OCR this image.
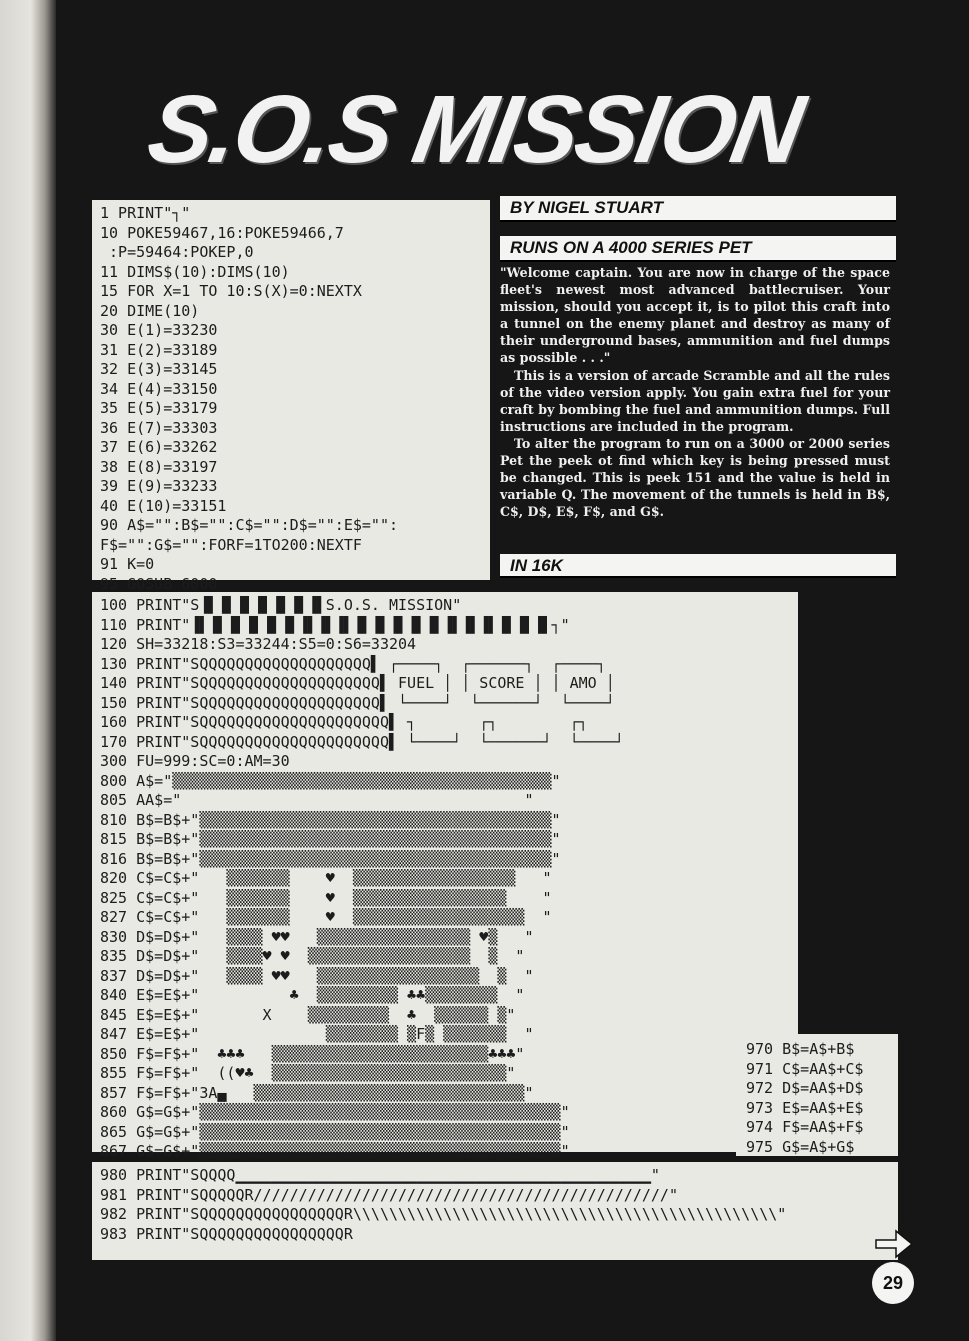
S.O.S MISSION
1 PRINT"┐"
10 POKE59467,16:POKE59466,7
:P=59464:POKEP,0
11 DIMS$(10):DIMS(10)
15 FOR X=1 TO 10:S(X)=0:NEXTX
20 DIME(10)
30 E(1)=33230
31 E(2)=33189
32 E(3)=33145
34 E(4)=33150
35 E(5)=33179
36 E(7)=33303
37 E(6)=33262
38 E(8)=33197
39 E(9)=33233
40 E(10)=33151
90 A$="":B$="":C$="":D$="":E$="":
F$="":G$="":FORF=1TO200:NEXTF
91 K=0
95 GOSUB 6000
BY NIGEL STUART
RUNS ON A 4000 SERIES PET

"Welcome captain. You are now in charge of the space fleet's newest most advanced battlecruiser. Your mission, should you accept it, is to pilot this craft into a tunnel on the enemy planet and destroy as many of their underground bases, ammunition and fuel dumps as possible . . ."

This is a version of arcade Scramble and all the rules of the video version apply. You gain extra fuel for your craft by bombing the fuel and ammunition dumps. Full instructions are included in the program.

To alter the program to run on a 3000 or 2000 series Pet the peek ot find which key is being pressed must be changed. This is peek 151 and the value is held in variable Q. The movement of the tunnels is held in B$, C$, D$, E$, F$, and G$.

IN 16K
100 PRINT"S▐▌▐▌▐▌▐▌▐▌▐▌▐▌S.O.S. MISSION"
110 PRINT"▐▌▐▌▐▌▐▌▐▌▐▌▐▌▐▌▐▌▐▌▐▌▐▌▐▌▐▌▐▌▐▌▐▌▐▌▐▌▐▌┐"
120 SH=33218:S3=33244:S5=0:S6=33204
130 PRINT"SQQQQQQQQQQQQQQQQQQQ▌ ┌────┐  ┌──────┐  ┌────┐
140 PRINT"SQQQQQQQQQQQQQQQQQQQQ▌ FUEL │ │ SCORE │ │ AMO │
150 PRINT"SQQQQQQQQQQQQQQQQQQQQ▌ └────┘  └──────┘  └────┘
160 PRINT"SQQQQQQQQQQQQQQQQQQQQQ▌ ┐       ┌┐        ┌┐
170 PRINT"SQQQQQQQQQQQQQQQQQQQQQ▌ └────┘  └──────┘  └────┘
300 FU=999:SC=0:AM=30
800 A$="▒▒▒▒▒▒▒▒▒▒▒▒▒▒▒▒▒▒▒▒▒▒▒▒▒▒▒▒▒▒▒▒▒▒▒▒▒▒▒▒▒▒"
805 AA$="                                      "
810 B$=B$+"▒▒▒▒▒▒▒▒▒▒▒▒▒▒▒▒▒▒▒▒▒▒▒▒▒▒▒▒▒▒▒▒▒▒▒▒▒▒▒"
815 B$=B$+"▒▒▒▒▒▒▒▒▒▒▒▒▒▒▒▒▒▒▒▒▒▒▒▒▒▒▒▒▒▒▒▒▒▒▒▒▒▒▒"
816 B$=B$+"▒▒▒▒▒▒▒▒▒▒▒▒▒▒▒▒▒▒▒▒▒▒▒▒▒▒▒▒▒▒▒▒▒▒▒▒▒▒▒"
820 C$=C$+"   ▒▒▒▒▒▒▒    ♥  ▒▒▒▒▒▒▒▒▒▒▒▒▒▒▒▒▒▒   "
825 C$=C$+"   ▒▒▒▒▒▒▒    ♥  ▒▒▒▒▒▒▒▒▒▒▒▒▒▒▒▒▒    "
827 C$=C$+"   ▒▒▒▒▒▒▒    ♥  ▒▒▒▒▒▒▒▒▒▒▒▒▒▒▒▒▒▒▒  "
830 D$=D$+"   ▒▒▒▒ ♥♥   ▒▒▒▒▒▒▒▒▒▒▒▒▒▒▒▒▒ ♥▒   "
835 D$=D$+"   ▒▒▒▒♥ ♥  ▒▒▒▒▒▒▒▒▒▒▒▒▒▒▒▒▒▒  ▒  "
837 D$=D$+"   ▒▒▒▒ ♥♥   ▒▒▒▒▒▒▒▒▒▒▒▒▒▒▒▒▒▒  ▒  "
840 E$=E$+"          ♣  ▒▒▒▒▒▒▒▒▒ ♣♣▒▒▒▒▒▒▒▒  "
845 E$=E$+"       X    ▒▒▒▒▒▒▒▒▒  ♣  ▒▒▒▒▒▒ ▒"
847 E$=E$+"              ▒▒▒▒▒▒▒▒ ▒F▒ ▒▒▒▒▒▒▒  "
850 F$=F$+"  ♣♣♣   ▒▒▒▒▒▒▒▒▒▒▒▒▒▒▒▒▒▒▒▒▒▒▒▒♣♣♣"
855 F$=F$+"  ((♥♣  ▒▒▒▒▒▒▒▒▒▒▒▒▒▒▒▒▒▒▒▒▒▒▒▒▒▒"
857 F$=F$+"3A▄   ▒▒▒▒▒▒▒▒▒▒▒▒▒▒▒▒▒▒▒▒▒▒▒▒▒▒▒▒▒▒"
860 G$=G$+"▒▒▒▒▒▒▒▒▒▒▒▒▒▒▒▒▒▒▒▒▒▒▒▒▒▒▒▒▒▒▒▒▒▒▒▒▒▒▒▒"
865 G$=G$+"▒▒▒▒▒▒▒▒▒▒▒▒▒▒▒▒▒▒▒▒▒▒▒▒▒▒▒▒▒▒▒▒▒▒▒▒▒▒▒▒"
867 G$=G$+"▒▒▒▒▒▒▒▒▒▒▒▒▒▒▒▒▒▒▒▒▒▒▒▒▒▒▒▒▒▒▒▒▒▒▒▒▒▒▒▒"
970 B$=A$+B$
971 C$=AA$+C$
972 D$=AA$+D$
973 E$=AA$+E$
974 F$=AA$+F$
975 G$=A$+G$
980 PRINT"SQQQQ▁▁▁▁▁▁▁▁▁▁▁▁▁▁▁▁▁▁▁▁▁▁▁▁▁▁▁▁▁▁▁▁▁▁▁▁▁▁▁▁▁▁▁▁▁▁"
981 PRINT"SQQQQQR//////////////////////////////////////////////"
982 PRINT"SQQQQQQQQQQQQQQQQR\\\\\\\\\\\\\\\\\\\\\\\\\\\\\\\\\\\\\\\\\\\\\\\"
983 PRINT"SQQQQQQQQQQQQQQQQR
29
